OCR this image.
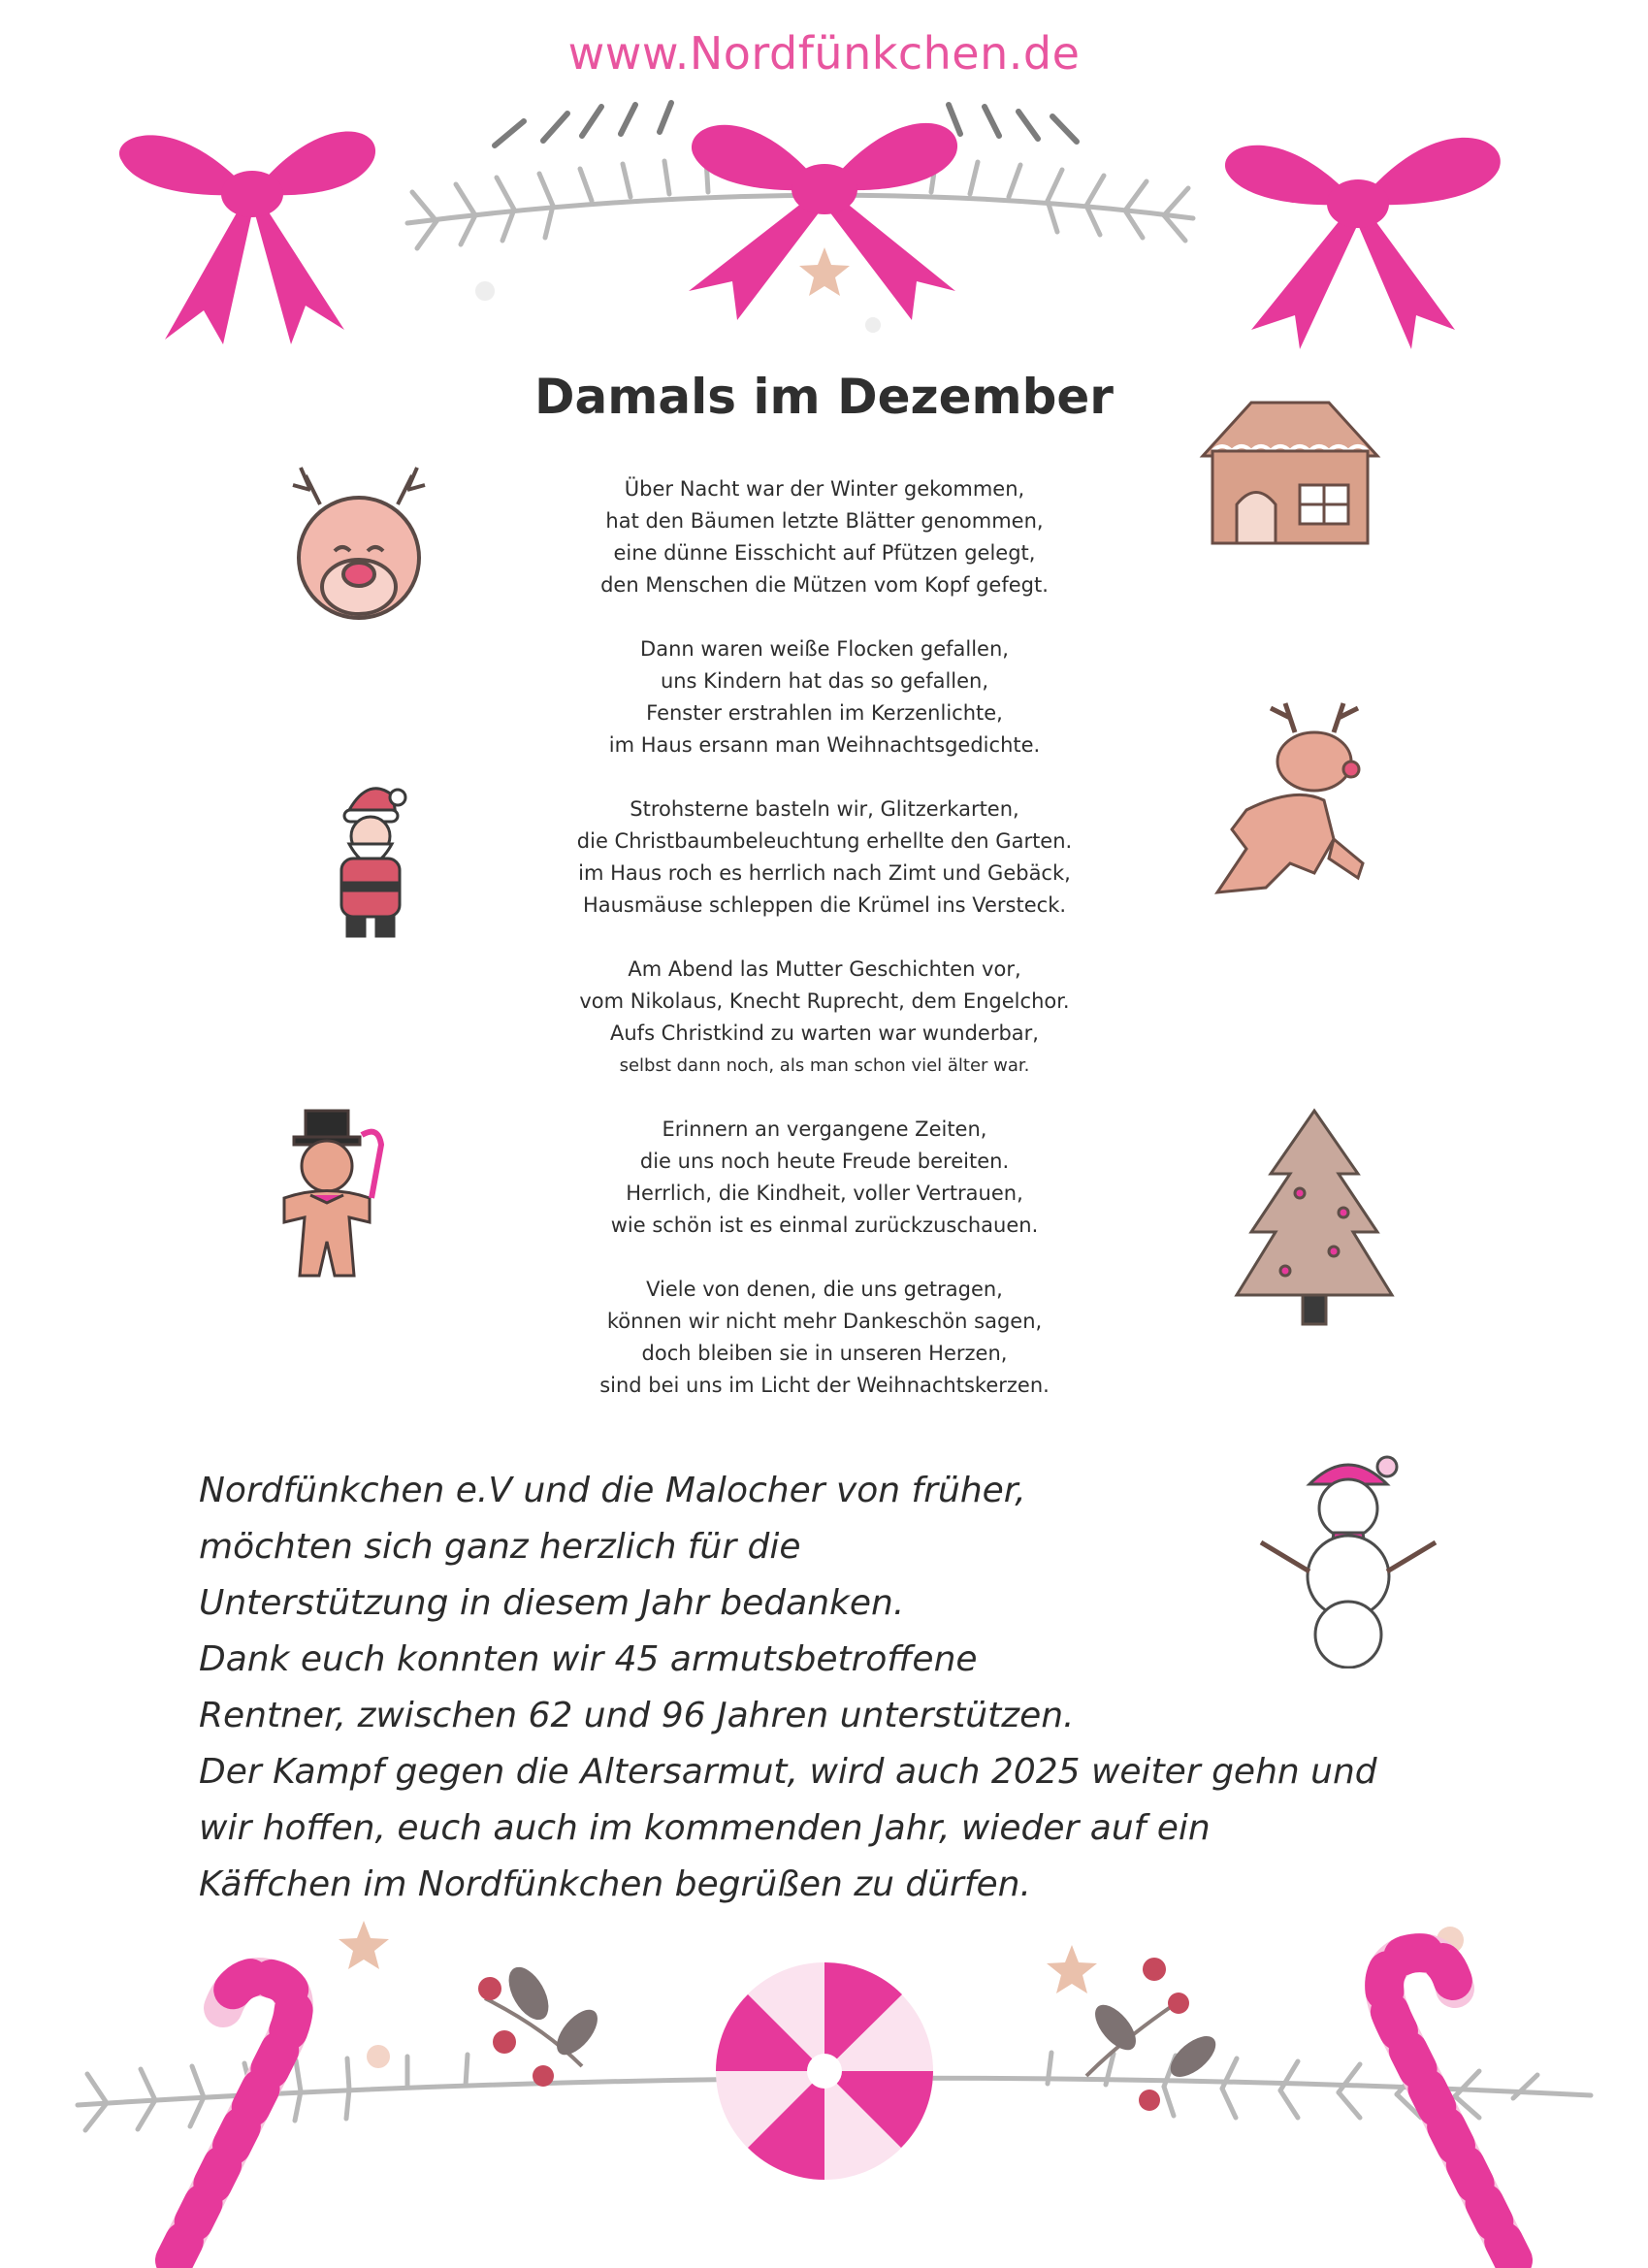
www.Nordfünkchen.de
Damals im Dezember
Über Nacht war der Winter gekommen,
hat den Bäumen letzte Blätter genommen,
eine dünne Eisschicht auf Pfützen gelegt,
den Menschen die Mützen vom Kopf gefegt.
Dann waren weiße Flocken gefallen,
uns Kindern hat das so gefallen,
Fenster erstrahlen im Kerzenlichte,
im Haus ersann man Weihnachtsgedichte.
Strohsterne basteln wir, Glitzerkarten,
die Christbaumbeleuchtung erhellte den Garten.
im Haus roch es herrlich nach Zimt und Gebäck,
Hausmäuse schleppen die Krümel ins Versteck.
Am Abend las Mutter Geschichten vor,
vom Nikolaus, Knecht Ruprecht, dem Engelchor.
Aufs Christkind zu warten war wunderbar,
selbst dann noch, als man schon viel älter war.
Erinnern an vergangene Zeiten,
die uns noch heute Freude bereiten.
Herrlich, die Kindheit, voller Vertrauen,
wie schön ist es einmal zurückzuschauen.
Viele von denen, die uns getragen,
können wir nicht mehr Dankeschön sagen,
doch bleiben sie in unseren Herzen,
sind bei uns im Licht der Weihnachtskerzen.
Nordfünkchen e.V und die Malocher von früher,
möchten sich ganz herzlich für die
Unterstützung in diesem Jahr bedanken.
Dank euch konnten wir 45 armutsbetroffene
Rentner, zwischen 62 und 96 Jahren unterstützen.
Der Kampf gegen die Altersarmut, wird auch 2025 weiter gehn und
wir hoffen, euch auch im kommenden Jahr, wieder auf ein
Käffchen im Nordfünkchen begrüßen zu dürfen.
